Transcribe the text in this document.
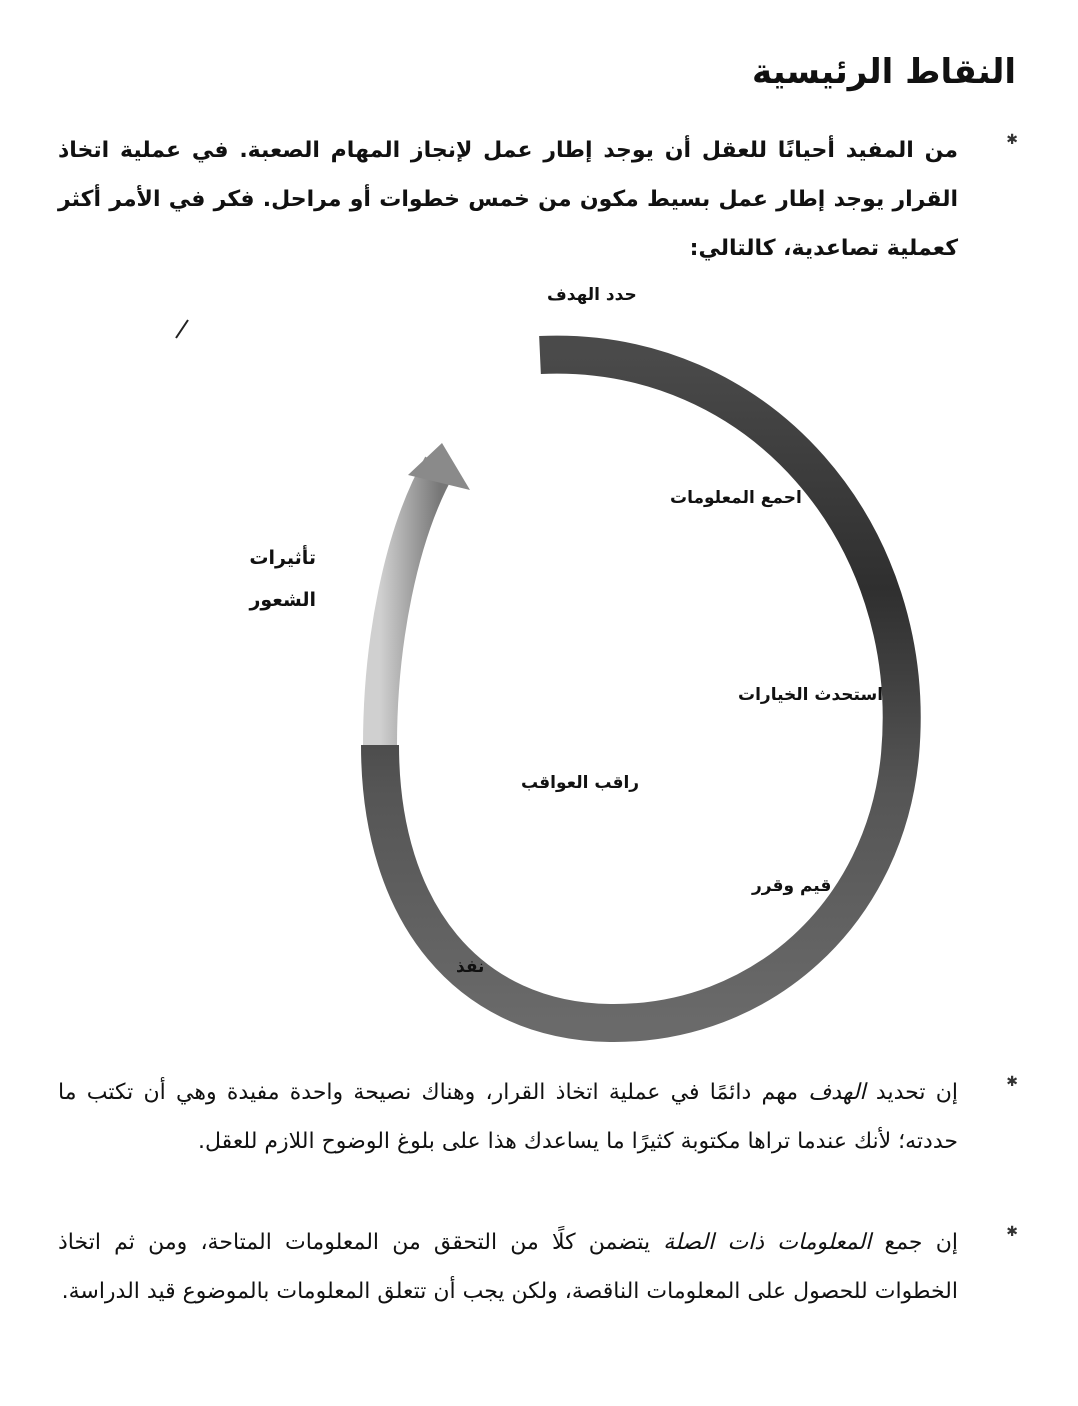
النقاط الرئيسية
✱

من المفيد أحيانًا للعقل أن يوجد إطار عمل لإنجاز المهام الصعبة. في عملية اتخاذ القرار يوجد إطار عمل بسيط مكون من خمس خطوات أو مراحل. فكر في الأمر أكثر كعملية تصاعدية، كالتالي:

حدد الهدف
احمع المعلومات
استحدث الخيارات
راقب العواقب
قيم وقرر
نفذ
تأثيرات
الشعور
✱

إن تحديد الهدف مهم دائمًا في عملية اتخاذ القرار، وهناك نصيحة واحدة مفيدة وهي أن تكتب ما حددته؛ لأنك عندما تراها مكتوبة كثيرًا ما يساعدك هذا على بلوغ الوضوح اللازم للعقل.

✱

إن جمع المعلومات ذات الصلة يتضمن كلًا من التحقق من المعلومات المتاحة، ومن ثم اتخاذ الخطوات للحصول على المعلومات الناقصة، ولكن يجب أن تتعلق المعلومات بالموضوع قيد الدراسة.
